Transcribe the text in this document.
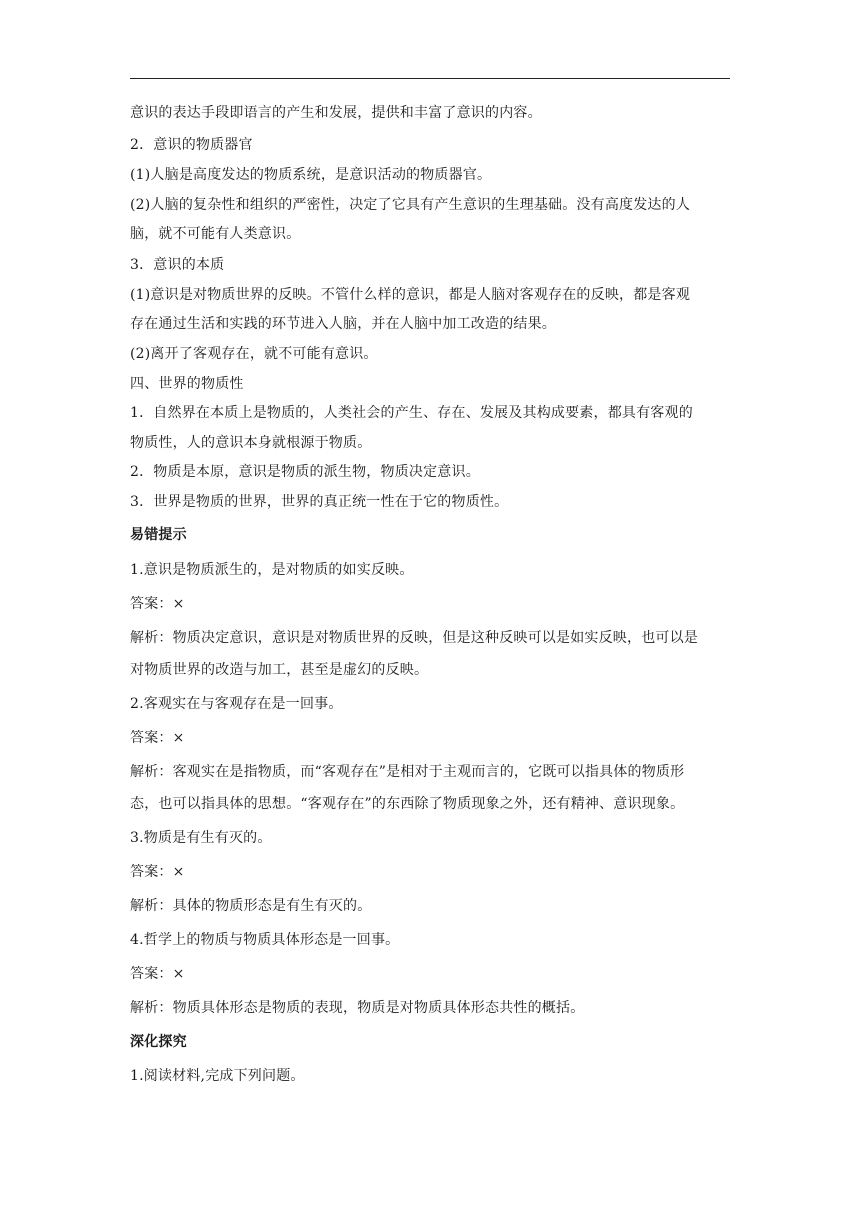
意识的表达手段即语言的产生和发展，提供和丰富了意识的内容。
2．意识的物质器官
(1)人脑是高度发达的物质系统，是意识活动的物质器官。
(2)人脑的复杂性和组织的严密性，决定了它具有产生意识的生理基础。没有高度发达的人
脑，就不可能有人类意识。
3．意识的本质
(1)意识是对物质世界的反映。不管什么样的意识，都是人脑对客观存在的反映，都是客观
存在通过生活和实践的环节进入人脑，并在人脑中加工改造的结果。
(2)离开了客观存在，就不可能有意识。
四、世界的物质性
1．自然界在本质上是物质的，人类社会的产生、存在、发展及其构成要素，都具有客观的
物质性，人的意识本身就根源于物质。
2．物质是本原，意识是物质的派生物，物质决定意识。
3．世界是物质的世界，世界的真正统一性在于它的物质性。
易错提示
1.意识是物质派生的，是对物质的如实反映。
答案：×
解析：物质决定意识，意识是对物质世界的反映，但是这种反映可以是如实反映，也可以是
对物质世界的改造与加工，甚至是虚幻的反映。
2.客观实在与客观存在是一回事。
答案：×
解析：客观实在是指物质，而“客观存在”是相对于主观而言的，它既可以指具体的物质形
态，也可以指具体的思想。“客观存在”的东西除了物质现象之外，还有精神、意识现象。
3.物质是有生有灭的。
答案：×
解析：具体的物质形态是有生有灭的。
4.哲学上的物质与物质具体形态是一回事。
答案：×
解析：物质具体形态是物质的表现，物质是对物质具体形态共性的概括。
深化探究
1.阅读材料,完成下列问题。
